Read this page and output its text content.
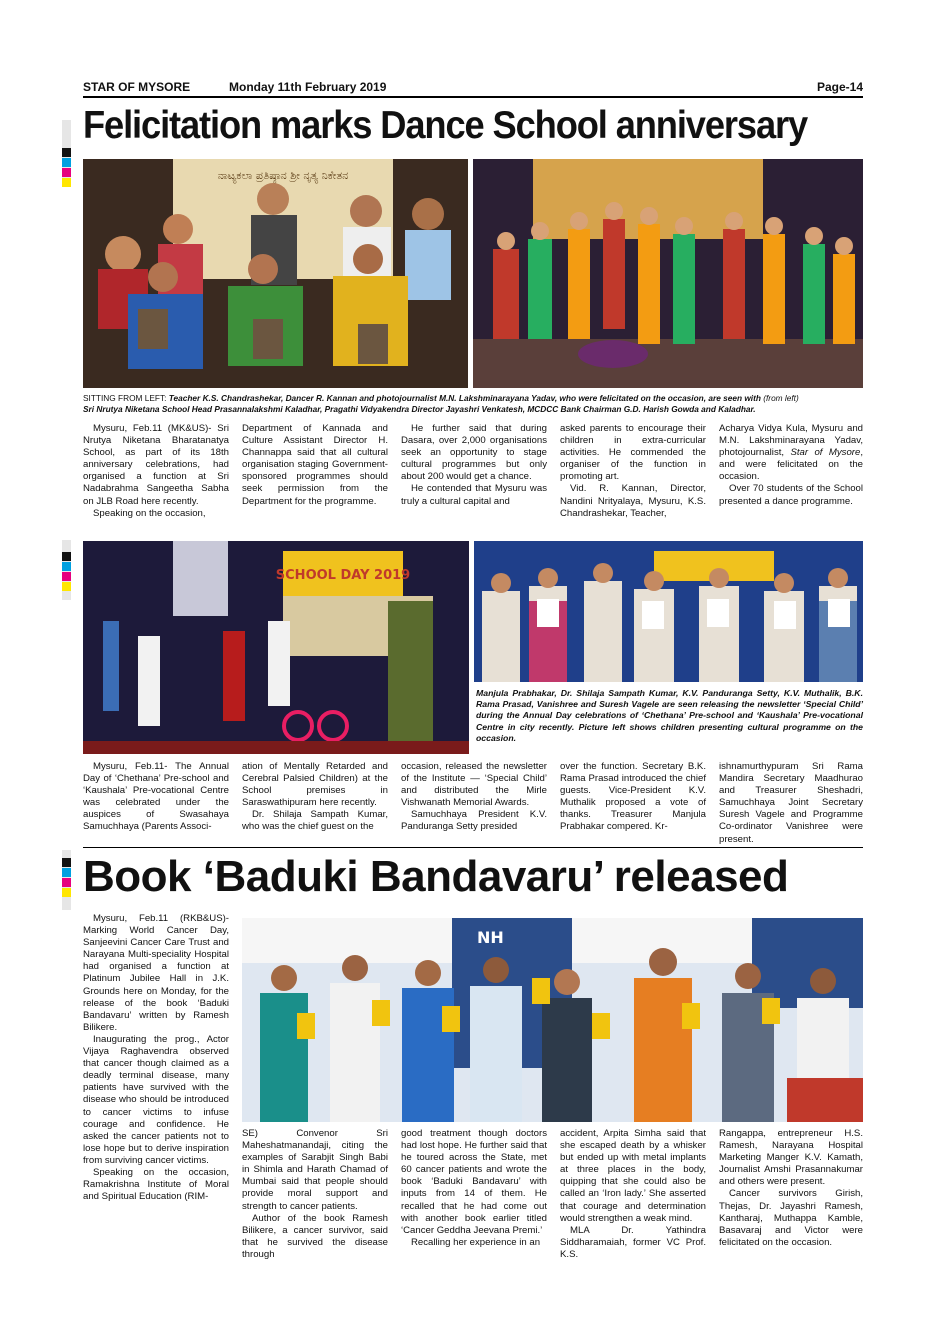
STAR OF MYSORE	Monday 11th February 2019	Page-14
Felicitation marks Dance School anniversary
ನಾಟ್ಯಕಲಾ ಪ್ರತಿಷ್ಠಾನ ಶ್ರೀ ನೃತ್ಯ ನಿಕೇತನ
SITTING FROM LEFT: Teacher K.S. Chandrashekar, Dancer R. Kannan and photojournalist M.N. Lakshminarayana Yadav, who were felicitated on the occasion, are seen with (from left)
Sri Nrutya Niketana School Head Prasannalakshmi Kaladhar, Pragathi Vidyakendra Director Jayashri Venkatesh, MCDCC Bank Chairman G.D. Harish Gowda and Kaladhar.

Mysuru, Feb.11 (MK&US)- Sri Nrutya Niketana Bharatanatya School, as part of its 18th anniversary celebrations, had organised a function at Sri Nadabrahma Sangeetha Sabha on JLB Road here recently.

Speaking on the occasion,

Department of Kannada and Culture Assistant Director H. Channappa said that all cultural organisation staging Government-sponsored programmes should seek permission from the Department for the programme.

He further said that during Dasara, over 2,000 organisations seek an opportunity to stage cultural programmes but only about 200 would get a chance.

He contended that Mysuru was truly a cultural capital and

asked parents to encourage their children in extra-curricular activities. He commended the organiser of the function in promoting art.

Vid. R. Kannan, Director, Nandini Nrityalaya, Mysuru, K.S. Chandrashekar, Teacher,

Acharya Vidya Kula, Mysuru and M.N. Lakshminarayana Yadav, photojournalist, Star of Mysore, and were felicitated on the occasion.

Over 70 students of the School presented a dance programme.

SCHOOL DAY 2019
Manjula Prabhakar, Dr. Shilaja Sampath Kumar, K.V. Panduranga Setty, K.V. Muthalik, B.K. Rama Prasad, Vanishree and Suresh Vagele are seen releasing the newsletter ‘Special Child’ during the Annual Day celebrations of ‘Chethana’ Pre-school and ‘Kaushala’ Pre-vocational Centre in city recently. Picture left shows children presenting cultural programme on the occasion.

Mysuru, Feb.11- The Annual Day of ‘Chethana’ Pre-school and ‘Kaushala’ Pre-vocational Centre was celebrated under the auspices of Swasahaya Samuchhaya (Parents Associ-

ation of Mentally Retarded and Cerebral Palsied Children) at the School premises in Saraswathipuram here recently.

Dr. Shilaja Sampath Kumar, who was the chief guest on the

occasion, released the newsletter of the Institute — ‘Special Child’ and distributed the Mirle Vishwanath Memorial Awards.

Samuchhaya President K.V. Panduranga Setty presided

over the function. Secretary B.K. Rama Prasad introduced the chief guests. Vice-President K.V. Muthalik proposed a vote of thanks. Treasurer Manjula Prabhakar compered. Kr-

ishnamurthypuram Sri Rama Mandira Secretary Maadhurao and Treasurer Sheshadri, Samuchhaya Joint Secretary Suresh Vagele and Programme Co-ordinator Vanishree were present.

Book ‘Baduki Bandavaru’ released
NH

Mysuru, Feb.11 (RKB&US)- Marking World Cancer Day, Sanjeevini Cancer Care Trust and Narayana Multi-speciality Hospital had organised a function at Platinum Jubilee Hall in J.K. Grounds here on Monday, for the release of the book ‘Baduki Bandavaru’ written by Ramesh Bilikere.

Inaugurating the prog., Actor Vijaya Raghavendra observed that cancer though claimed as a deadly terminal disease, many patients have survived with the disease who should be introduced to cancer victims to infuse courage and confidence. He asked the cancer patients not to lose hope but to derive inspiration from surviving cancer victims.

Speaking on the occasion, Ramakrishna Institute of Moral and Spiritual Education (RIM-

SE) Convenor Sri Maheshatmanandaji, citing the examples of Sarabjit Singh Babi in Shimla and Harath Chamad of Mumbai said that people should provide moral support and strength to cancer patients.

Author of the book Ramesh Bilikere, a cancer survivor, said that he survived the disease through

good treatment though doctors had lost hope. He further said that he toured across the State, met 60 cancer patients and wrote the book ‘Baduki Bandavaru’ with inputs from 14 of them. He recalled that he had come out with another book earlier titled ‘Cancer Geddha Jeevana Premi.’

Recalling her experience in an

accident, Arpita Simha said that she escaped death by a whisker but ended up with metal implants at three places in the body, quipping that she could also be called an ‘Iron lady.’ She asserted that courage and determination would strengthen a weak mind.

MLA Dr. Yathindra Siddharamaiah, former VC Prof. K.S.

Rangappa, entrepreneur H.S. Ramesh, Narayana Hospital Marketing Manger K.V. Kamath, Journalist Amshi Prasannakumar and others were present.

Cancer survivors Girish, Thejas, Dr. Jayashri Ramesh, Kantharaj, Muthappa Kamble, Basavaraj and Victor were felicitated on the occasion.
